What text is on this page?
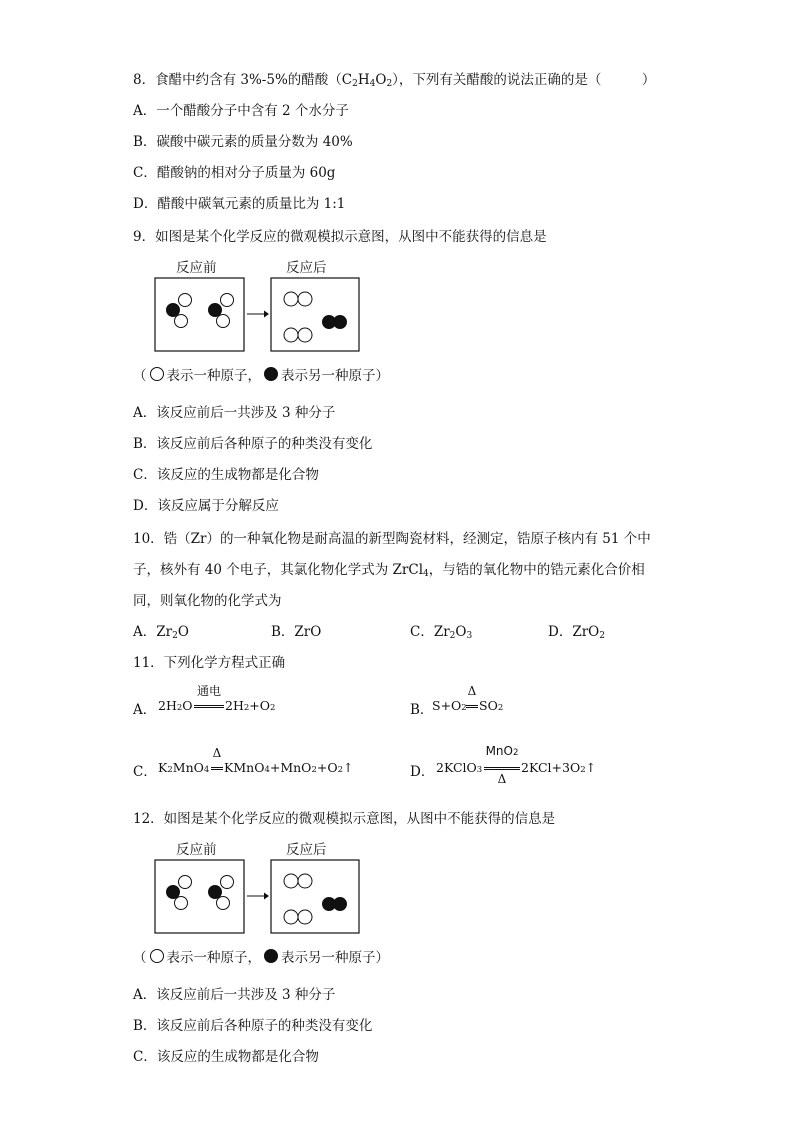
8．食醋中约含有 3%-5%的醋酸$(C_2H_4O_2)$，下列有关醋酸的说法正确的是（　　　）
A．一个醋酸分子中含有 2 个水分子
B．碳酸中碳元素的质量分数为 40%
C．醋酸钠的相对分子质量为 60g
D．醋酸中碳氧元素的质量比为 1:1
9．如图是某个化学反应的微观模拟示意图，从图中不能获得的信息是
反应前	反应后
（ 表示一种原子， 表示另一种原子）
A．该反应前后一共涉及 3 种分子
B．该反应前后各种原子的种类没有变化
C．该反应的生成物都是化合物
D．该反应属于分解反应
10．锆（Zr）的一种氧化物是耐高温的新型陶瓷材料，经测定，锆原子核内有 51 个中
子，核外有 40 个电子，其氯化物化学式为 ZrCl$_4$，与锆的氧化物中的锆元素化合价相
同，则氧化物的化学式为
A．$Zr_2O$	B．ZrO	C．$Zr_2O_3$	D．ZrO$_2$
11．下列化学方程式正确
A． 2H2O
通电
2H2+O2	B．
S+O2
Δ
SO2
C． K2MnO4
Δ
KMnO4+MnO2+O2↑	D． 2KClO3
MnO2
Δ
2KCl+3O2↑
12．如图是某个化学反应的微观模拟示意图，从图中不能获得的信息是
反应前	反应后
（ 表示一种原子， 表示另一种原子）
A．该反应前后一共涉及 3 种分子
B．该反应前后各种原子的种类没有变化
C．该反应的生成物都是化合物
